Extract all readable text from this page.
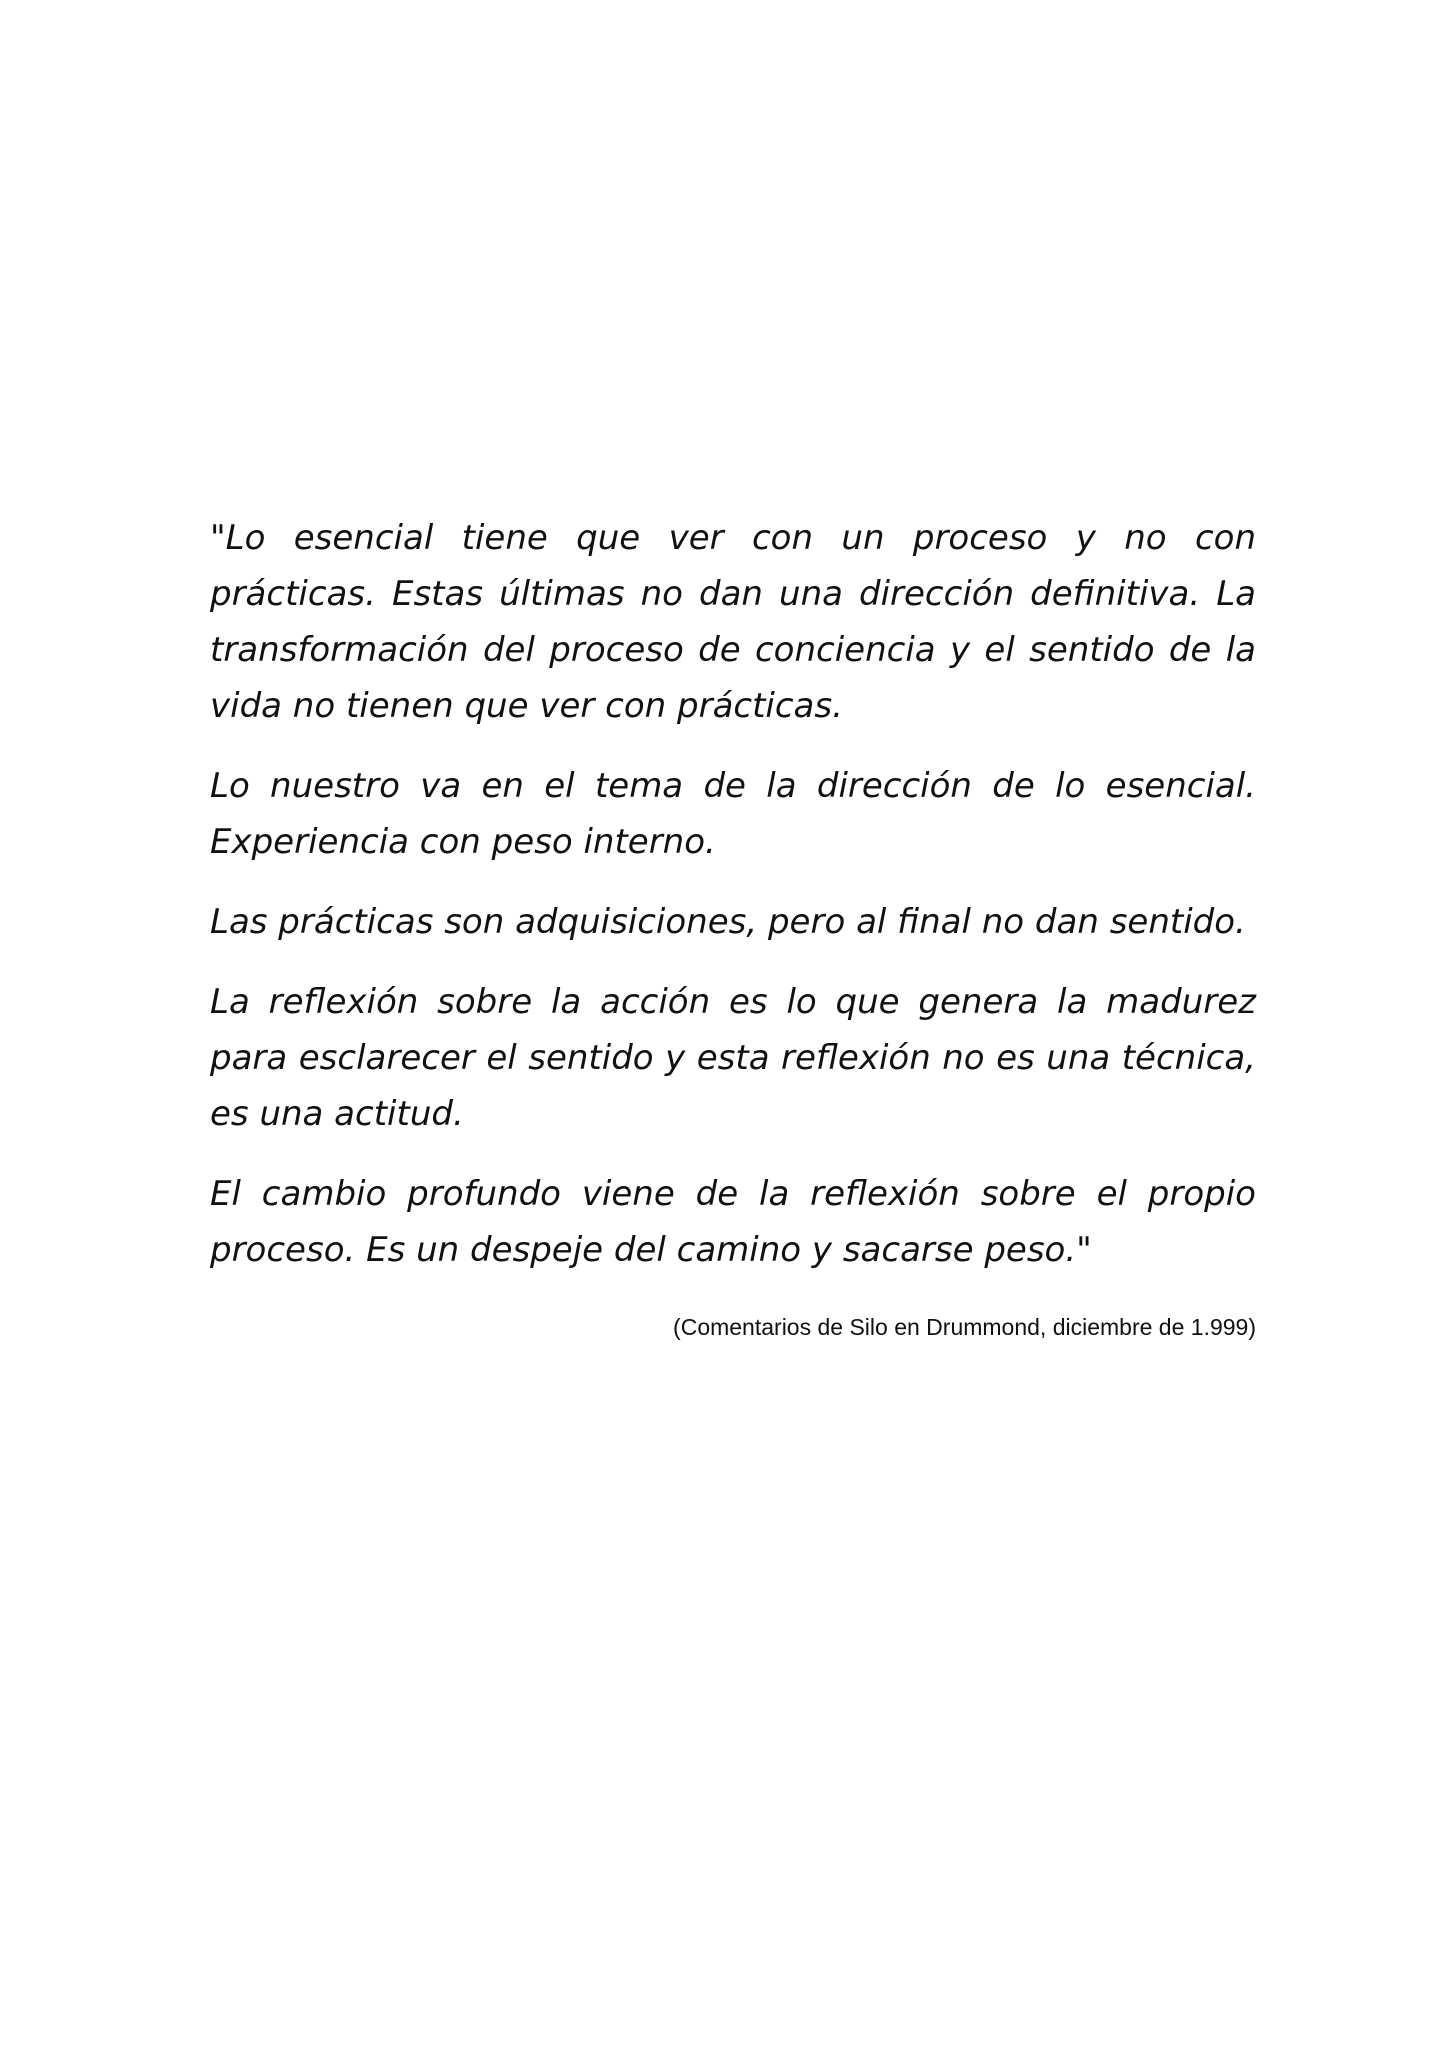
"Lo esencial tiene que ver con un proceso y no con prácticas. Estas últimas no dan una dirección definitiva. La transformación del proceso de conciencia y el sentido de la vida no tienen que ver con prácticas.

Lo nuestro va en el tema de la dirección de lo esencial. Experiencia con peso interno.

Las prácticas son adquisiciones, pero al final no dan sentido.

La reflexión sobre la acción es lo que genera la madurez para esclarecer el sentido y esta reflexión no es una técnica, es una actitud.

El cambio profundo viene de la reflexión sobre el propio proceso. Es un despeje del camino y sacarse peso."

(Comentarios de Silo en Drummond, diciembre de 1.999)
